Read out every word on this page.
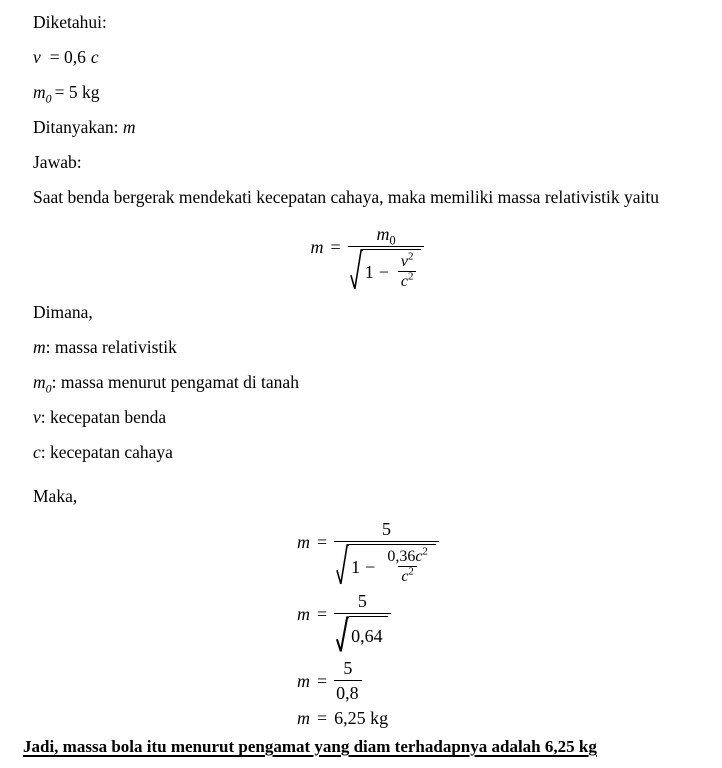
Diketahui:

v = 0,6 c

$m_0 = 5$ kg

Ditanyakan: m

Jawab:

Saat benda bergerak mendekati kecepatan cahaya, maka memiliki massa relativistik yaitu

m =
$m_0$
$1 - \frac{v^2}{c^2}$

Dimana,

m: massa relativistik

$m_0$: massa menurut pengamat di tanah

v: kecepatan benda

c: kecepatan cahaya

Maka,

m =
5
$1 - \frac{0,36c^2}{c^2}$
$m = \frac{5}{0,64}$
$m = \frac{5}{0,8}$
m = 6,25 kg

Jadi, massa bola itu menurut pengamat yang diam terhadapnya adalah 6,25 kg
